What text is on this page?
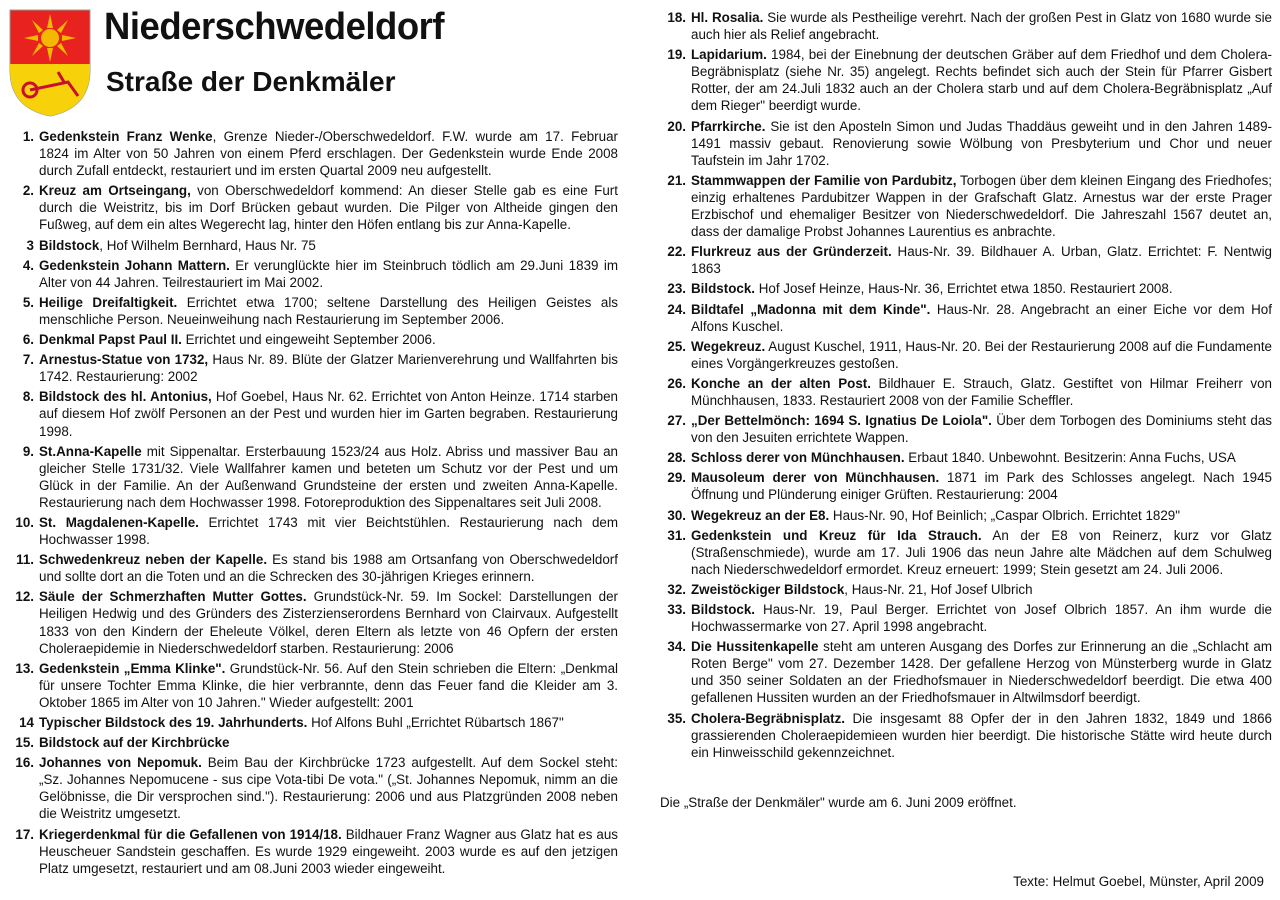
Niederschwedeldorf
Straße der Denkmäler
1. Gedenkstein Franz Wenke, Grenze Nieder-/Oberschwedeldorf. F.W. wurde am 17. Februar 1824 im Alter von 50 Jahren von einem Pferd erschlagen. Der Gedenkstein wurde Ende 2008 durch Zufall entdeckt, restauriert und im ersten Quartal 2009 neu aufgestellt.
2. Kreuz am Ortseingang, von Oberschwedeldorf kommend: An dieser Stelle gab es eine Furt durch die Weistritz, bis im Dorf Brücken gebaut wurden. Die Pilger von Altheide gingen den Fußweg, auf dem ein altes Wegerecht lag, hinter den Höfen entlang bis zur Anna-Kapelle.
3 Bildstock, Hof Wilhelm Bernhard, Haus Nr. 75
4. Gedenkstein Johann Mattern. Er verunglückte hier im Steinbruch tödlich am 29.Juni 1839 im Alter von 44 Jahren. Teilrestauriert im Mai 2002.
5. Heilige Dreifaltigkeit. Errichtet etwa 1700; seltene Darstellung des Heiligen Geistes als menschliche Person. Neueinweihung nach Restaurierung im September 2006.
6. Denkmal Papst Paul II. Errichtet und eingeweiht September 2006.
7. Arnestus-Statue von 1732, Haus Nr. 89. Blüte der Glatzer Marienverehrung und Wallfahrten bis 1742. Restaurierung: 2002
8. Bildstock des hl. Antonius, Hof Goebel, Haus Nr. 62. Errichtet von Anton Heinze. 1714 starben auf diesem Hof zwölf Personen an der Pest und wurden hier im Garten begraben. Restaurierung 1998.
9. St.Anna-Kapelle mit Sippenaltar. Ersterbauung 1523/24 aus Holz. Abriss und massiver Bau an gleicher Stelle 1731/32. Viele Wallfahrer kamen und beteten um Schutz vor der Pest und um Glück in der Familie. An der Außenwand Grundsteine der ersten und zweiten Anna-Kapelle. Restaurierung nach dem Hochwasser 1998. Fotoreproduktion des Sippenaltares seit Juli 2008.
10. St. Magdalenen-Kapelle. Errichtet 1743 mit vier Beichtstühlen. Restaurierung nach dem Hochwasser 1998.
11. Schwedenkreuz neben der Kapelle. Es stand bis 1988 am Ortsanfang von Oberschwedeldorf und sollte dort an die Toten und an die Schrecken des 30-jährigen Krieges erinnern.
12. Säule der Schmerzhaften Mutter Gottes. Grundstück-Nr. 59. Im Sockel: Darstellungen der Heiligen Hedwig und des Gründers des Zisterzienserordens Bernhard von Clairvaux. Aufgestellt 1833 von den Kindern der Eheleute Völkel, deren Eltern als letzte von 46 Opfern der ersten Choleraepidemie in Niederschwedeldorf starben. Restaurierung: 2006
13. Gedenkstein „Emma Klinke". Grundstück-Nr. 56. Auf den Stein schrieben die Eltern: „Denkmal für unsere Tochter Emma Klinke, die hier verbrannte, denn das Feuer fand die Kleider am 3. Oktober 1865 im Alter von 10 Jahren." Wieder aufgestellt: 2001
14 Typischer Bildstock des 19. Jahrhunderts. Hof Alfons Buhl „Errichtet Rübartsch 1867"
15. Bildstock auf der Kirchbrücke
16. Johannes von Nepomuk. Beim Bau der Kirchbrücke 1723 aufgestellt. Auf dem Sockel steht: „Sz. Johannes Nepomucene - sus cipe Vota-tibi De vota." („St. Johannes Nepomuk, nimm an die Gelöbnisse, die Dir versprochen sind."). Restaurierung: 2006 und aus Platzgründen 2008 neben die Weistritz umgesetzt.
17. Kriegerdenkmal für die Gefallenen von 1914/18. Bildhauer Franz Wagner aus Glatz hat es aus Heuscheuer Sandstein geschaffen. Es wurde 1929 eingeweiht. 2003 wurde es auf den jetzigen Platz umgesetzt, restauriert und am 08.Juni 2003 wieder eingeweiht.
18. Hl. Rosalia. Sie wurde als Pestheilige verehrt. Nach der großen Pest in Glatz von 1680 wurde sie auch hier als Relief angebracht.
19. Lapidarium. 1984, bei der Einebnung der deutschen Gräber auf dem Friedhof und dem Cholera-Begräbnisplatz (siehe Nr. 35) angelegt. Rechts befindet sich auch der Stein für Pfarrer Gisbert Rotter, der am 24.Juli 1832 auch an der Cholera starb und auf dem Cholera-Begräbnisplatz „Auf dem Rieger" beerdigt wurde.
20. Pfarrkirche. Sie ist den Aposteln Simon und Judas Thaddäus geweiht und in den Jahren 1489-1491 massiv gebaut. Renovierung sowie Wölbung von Presbyterium und Chor und neuer Taufstein im Jahr 1702.
21. Stammwappen der Familie von Pardubitz, Torbogen über dem kleinen Eingang des Friedhofes; einzig erhaltenes Pardubitzer Wappen in der Grafschaft Glatz. Arnestus war der erste Prager Erzbischof und ehemaliger Besitzer von Niederschwedeldorf. Die Jahreszahl 1567 deutet an, dass der damalige Probst Johannes Laurentius es anbrachte.
22. Flurkreuz aus der Gründerzeit. Haus-Nr. 39. Bildhauer A. Urban, Glatz. Errichtet: F. Nentwig 1863
23. Bildstock. Hof Josef Heinze, Haus-Nr. 36, Errichtet etwa 1850. Restauriert 2008.
24. Bildtafel „Madonna mit dem Kinde". Haus-Nr. 28. Angebracht an einer Eiche vor dem Hof Alfons Kuschel.
25. Wegekreuz. August Kuschel, 1911, Haus-Nr. 20. Bei der Restaurierung 2008 auf die Fundamente eines Vorgängerkreuzes gestoßen.
26. Konche an der alten Post. Bildhauer E. Strauch, Glatz. Gestiftet von Hilmar Freiherr von Münchhausen, 1833. Restauriert 2008 von der Familie Scheffler.
27. „Der Bettelmönch: 1694 S. Ignatius De Loiola". Über dem Torbogen des Dominiums steht das von den Jesuiten errichtete Wappen.
28. Schloss derer von Münchhausen. Erbaut 1840. Unbewohnt. Besitzerin: Anna Fuchs, USA
29. Mausoleum derer von Münchhausen. 1871 im Park des Schlosses angelegt. Nach 1945 Öffnung und Plünderung einiger Grüften. Restaurierung: 2004
30. Wegekreuz an der E8. Haus-Nr. 90, Hof Beinlich; „Caspar Olbrich. Errichtet 1829"
31. Gedenkstein und Kreuz für Ida Strauch. An der E8 von Reinerz, kurz vor Glatz (Straßenschmiede), wurde am 17. Juli 1906 das neun Jahre alte Mädchen auf dem Schulweg nach Niederschwedeldorf ermordet. Kreuz erneuert: 1999; Stein gesetzt am 24. Juli 2006.
32. Zweistöckiger Bildstock, Haus-Nr. 21, Hof Josef Ulbrich
33. Bildstock. Haus-Nr. 19, Paul Berger. Errichtet von Josef Olbrich 1857. An ihm wurde die Hochwassermarke von 27. April 1998 angebracht.
34. Die Hussitenkapelle steht am unteren Ausgang des Dorfes zur Erinnerung an die „Schlacht am Roten Berge" vom 27. Dezember 1428. Der gefallene Herzog von Münsterberg wurde in Glatz und 350 seiner Soldaten an der Friedhofsmauer in Niederschwedeldorf beerdigt. Die etwa 400 gefallenen Hussiten wurden an der Friedhofsmauer in Altwilmsdorf beerdigt.
35. Cholera-Begräbnisplatz. Die insgesamt 88 Opfer der in den Jahren 1832, 1849 und 1866 grassierenden Choleraepidemieen wurden hier beerdigt. Die historische Stätte wird heute durch ein Hinweisschild gekennzeichnet.
Die „Straße der Denkmäler" wurde am 6. Juni 2009 eröffnet.
Texte: Helmut Goebel, Münster, April 2009
